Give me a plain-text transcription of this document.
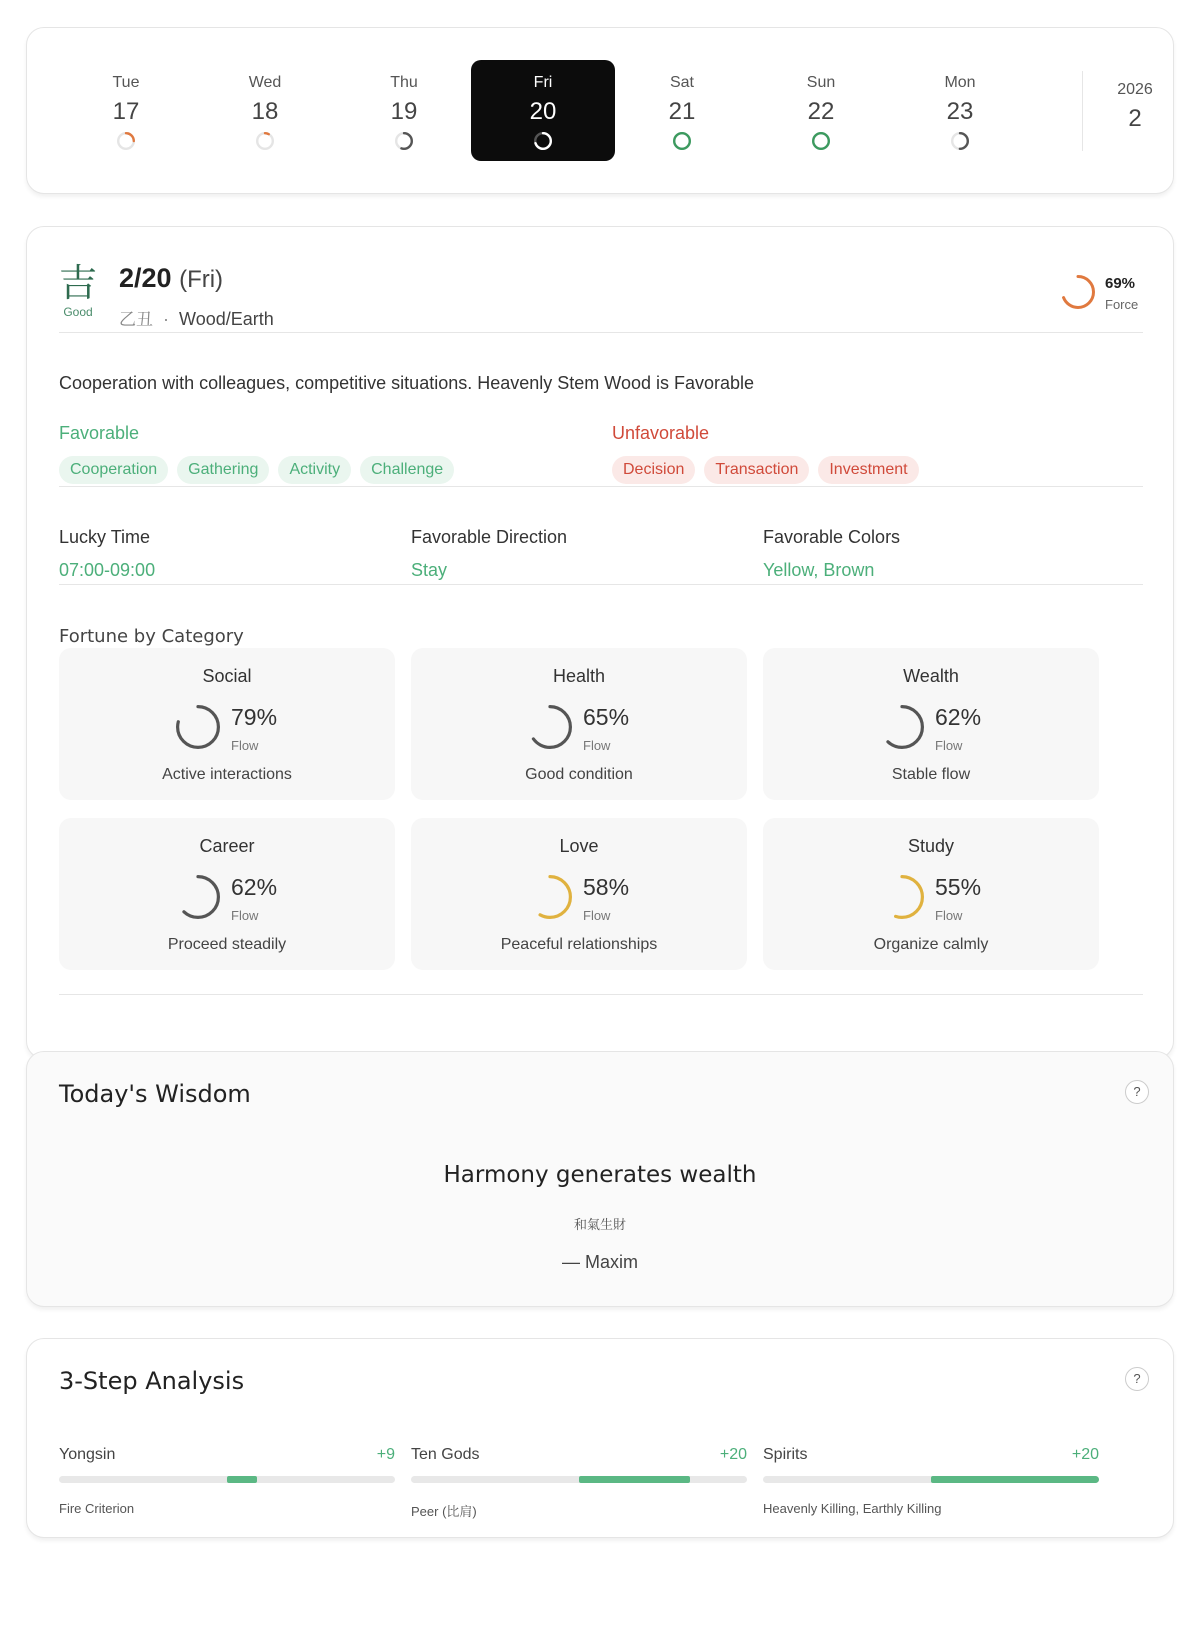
Tue
17
Wed
18
Thu
19
Fri
20
Sat
21
Sun
22
Mon
23
2026
2
吉
Good
2/20 (Fri)
乙丑 · Wood/Earth
69%
Force
Cooperation with colleagues, competitive situations. Heavenly Stem Wood is Favorable
Favorable
Cooperation	Gathering	Activity	Challenge
Unfavorable
Decision	Transaction	Investment
Lucky Time
07:00-09:00
Favorable Direction
Stay
Favorable Colors
Yellow, Brown
Fortune by Category
Social
79%
Flow
Active interactions
Health
65%
Flow
Good condition
Wealth
62%
Flow
Stable flow
Career
62%
Flow
Proceed steadily
Love
58%
Flow
Peaceful relationships
Study
55%
Flow
Organize calmly
Today's Wisdom	?
Harmony generates wealth
和氣生財
— Maxim
3-Step Analysis	?
Yongsin	+9
Fire Criterion
Ten Gods	+20
Peer (比肩)
Spirits	+20
Heavenly Killing, Earthly Killing
